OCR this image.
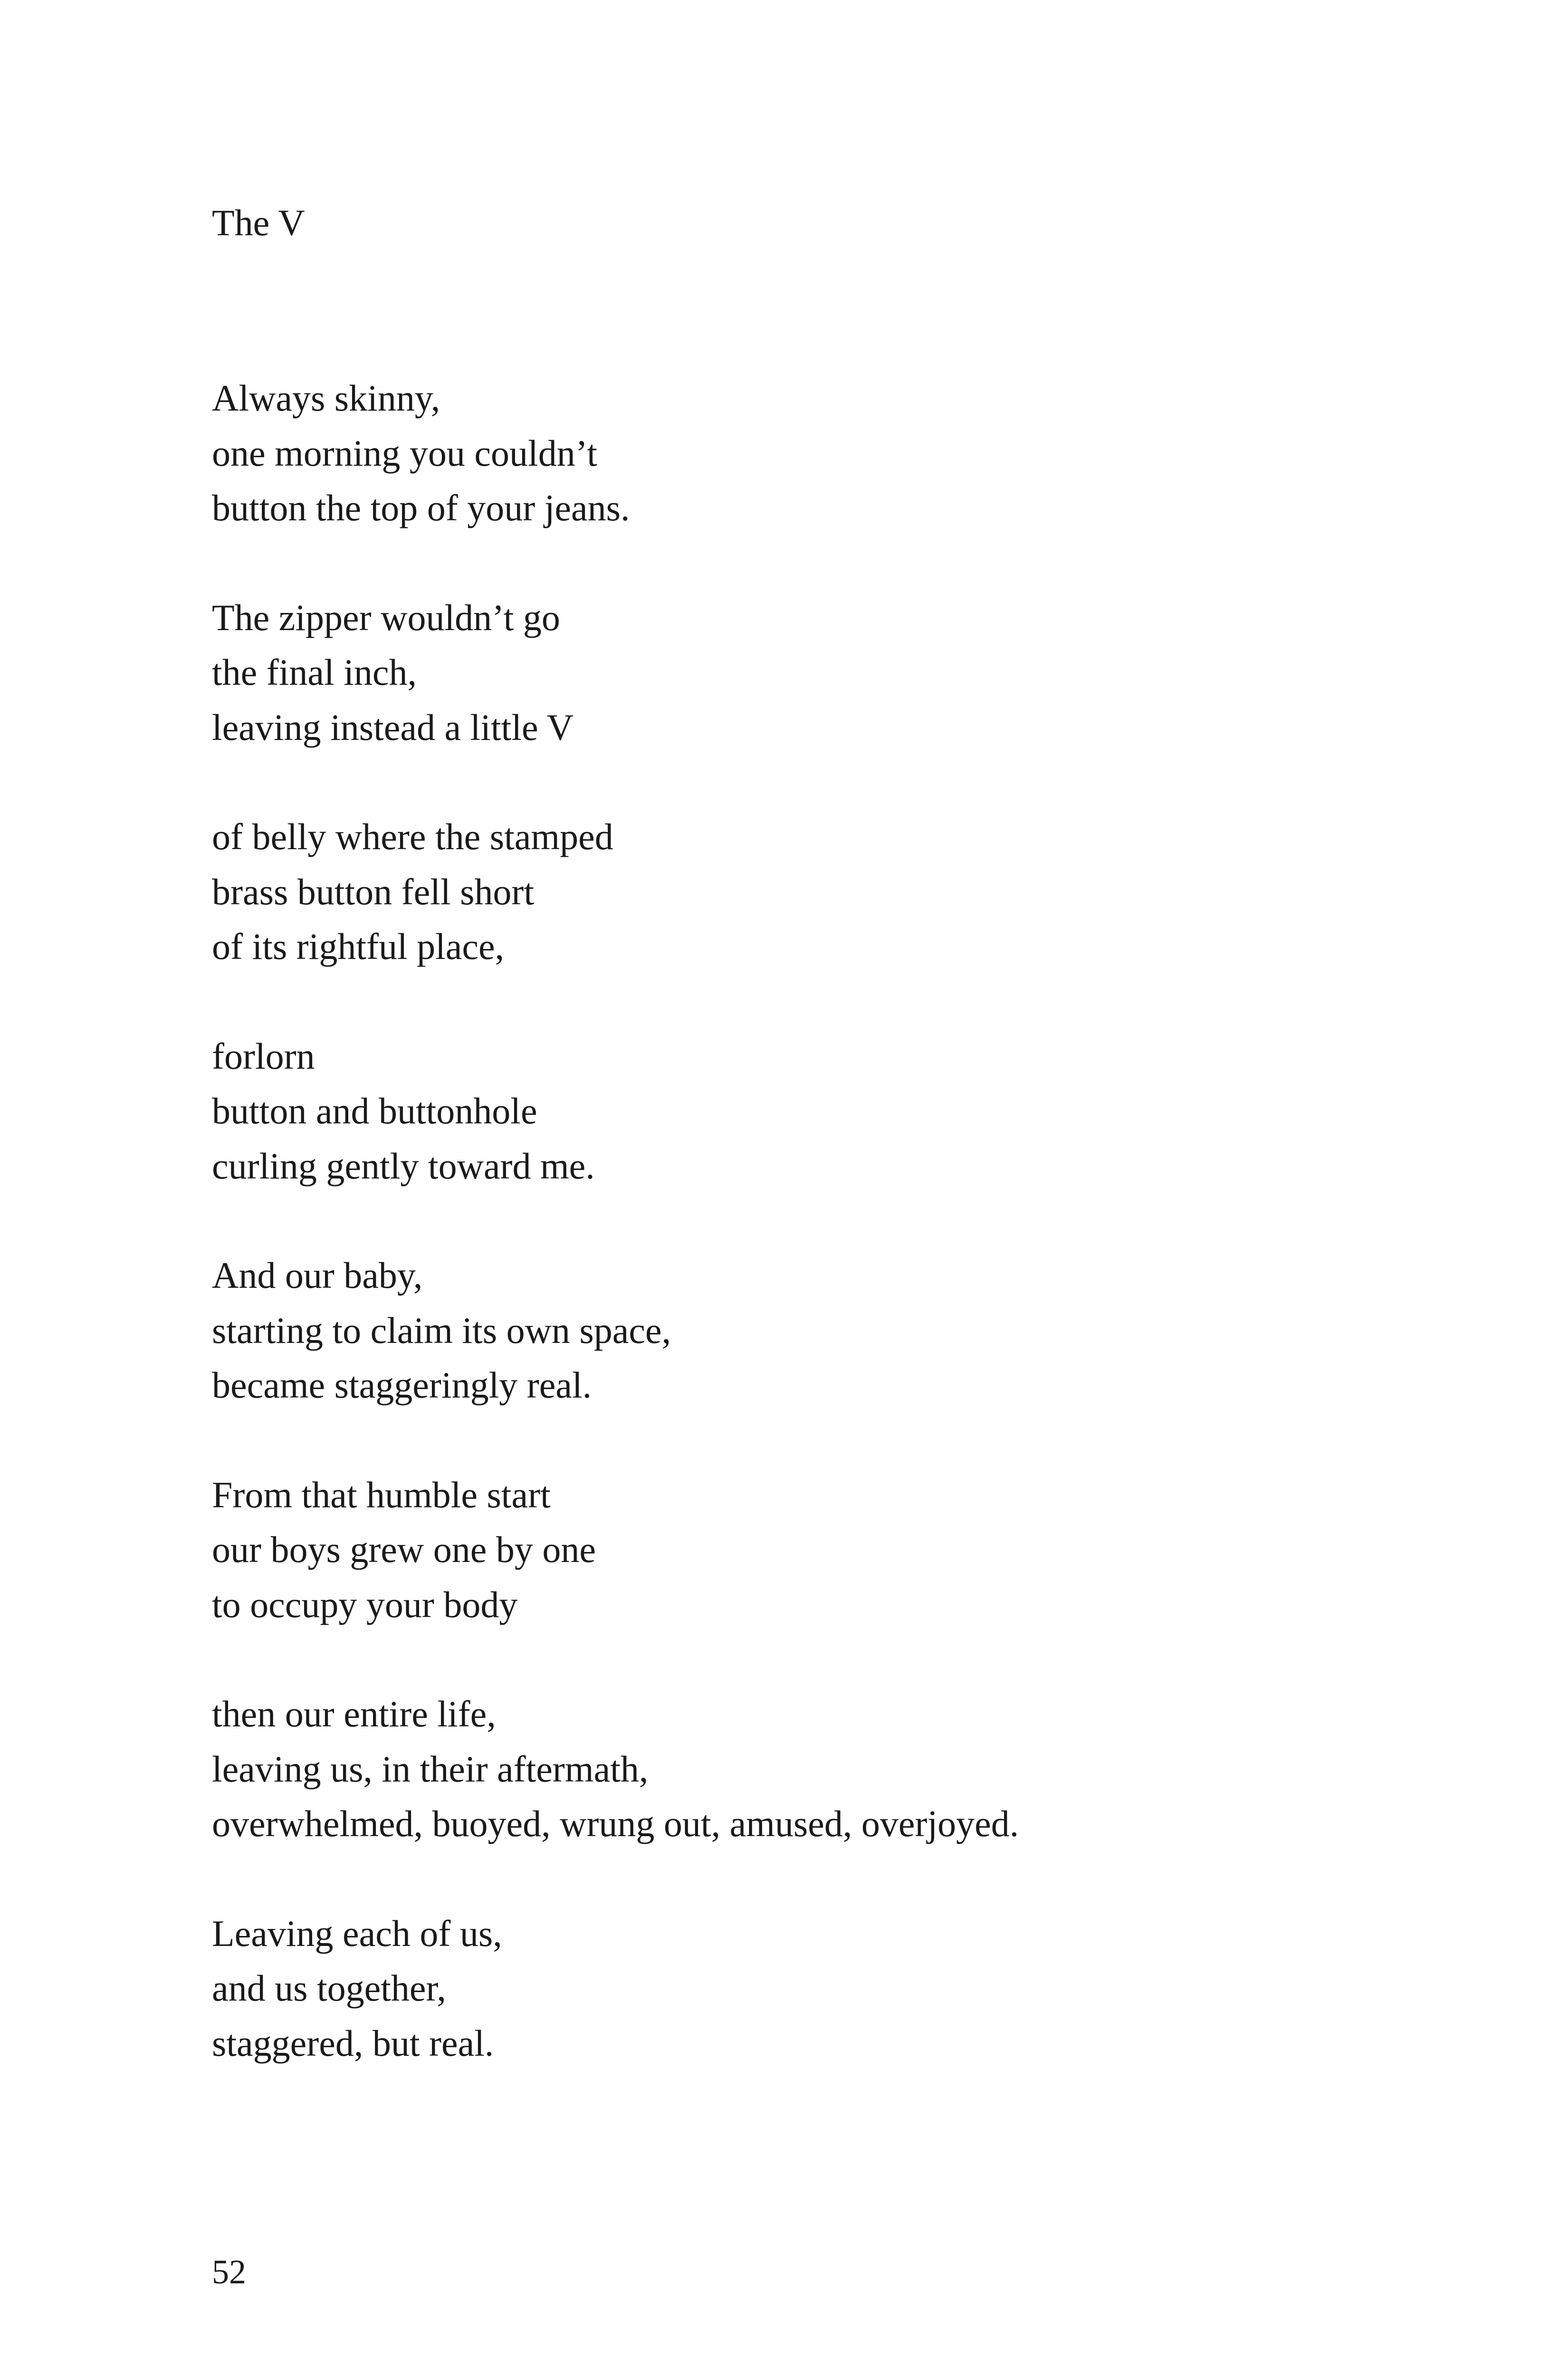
The V
Always skinny,
one morning you couldn’t
button the top of your jeans.
The zipper wouldn’t go
the final inch,
leaving instead a little V
of belly where the stamped
brass button fell short
of its rightful place,
forlorn
button and buttonhole
curling gently toward me.
And our baby,
starting to claim its own space,
became staggeringly real.
From that humble start
our boys grew one by one
to occupy your body
then our entire life,
leaving us, in their aftermath,
overwhelmed, buoyed, wrung out, amused, overjoyed.
Leaving each of us,
and us together,
staggered, but real.
52
